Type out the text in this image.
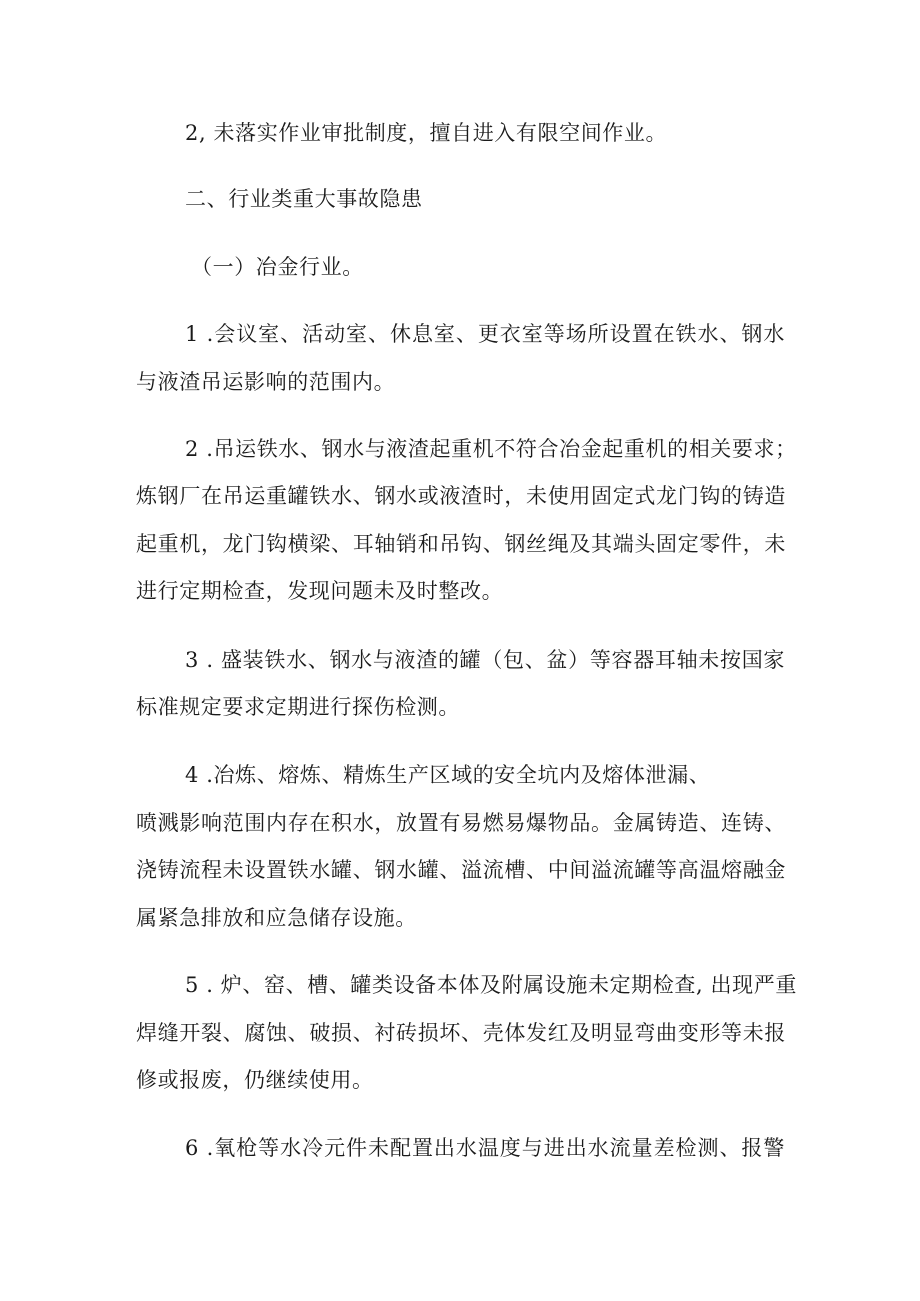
2, 未落实作业审批制度，擅自进入有限空间作业。
二、行业类重大事故隐患
（一）冶金行业。
1 .会议室、活动室、休息室、更衣室等场所设置在铁水、钢水
与液渣吊运影响的范围内。
2 .吊运铁水、钢水与液渣起重机不符合冶金起重机的相关要求；
炼钢厂在吊运重罐铁水、钢水或液渣时，未使用固定式龙门钩的铸造
起重机，龙门钩横梁、耳轴销和吊钩、钢丝绳及其端头固定零件，未
进行定期检查，发现问题未及时整改。
3 . 盛装铁水、钢水与液渣的罐（包、盆）等容器耳轴未按国家
标准规定要求定期进行探伤检测。
4 .冶炼、熔炼、精炼生产区域的安全坑内及熔体泄漏、
喷溅影响范围内存在积水，放置有易燃易爆物品。金属铸造、连铸、
浇铸流程未设置铁水罐、钢水罐、溢流槽、中间溢流罐等高温熔融金
属紧急排放和应急储存设施。
5 . 炉、窑、槽、罐类设备本体及附属设施未定期检查, 出现严重
焊缝开裂、腐蚀、破损、衬砖损坏、壳体发红及明显弯曲变形等未报
修或报废，仍继续使用。
6 .氧枪等水冷元件未配置出水温度与进出水流量差检测、报警
